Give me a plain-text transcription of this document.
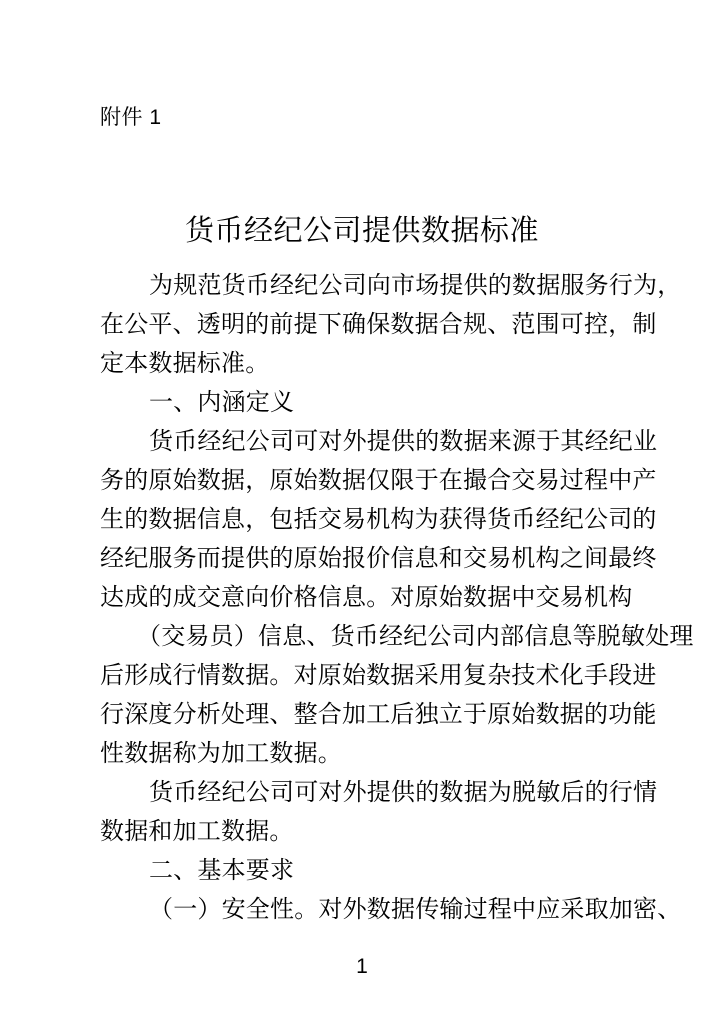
附件 1
货币经纪公司提供数据标准
为规范货币经纪公司向市场提供的数据服务行为，
在公平、透明的前提下确保数据合规、范围可控，制
定本数据标准。
一、内涵定义
货币经纪公司可对外提供的数据来源于其经纪业
务的原始数据，原始数据仅限于在撮合交易过程中产
生的数据信息，包括交易机构为获得货币经纪公司的
经纪服务而提供的原始报价信息和交易机构之间最终
达成的成交意向价格信息。对原始数据中交易机构
（交易员）信息、货币经纪公司内部信息等脱敏处理
后形成行情数据。对原始数据采用复杂技术化手段进
行深度分析处理、整合加工后独立于原始数据的功能
性数据称为加工数据。
货币经纪公司可对外提供的数据为脱敏后的行情
数据和加工数据。
二、基本要求
（一）安全性。对外数据传输过程中应采取加密、
1
